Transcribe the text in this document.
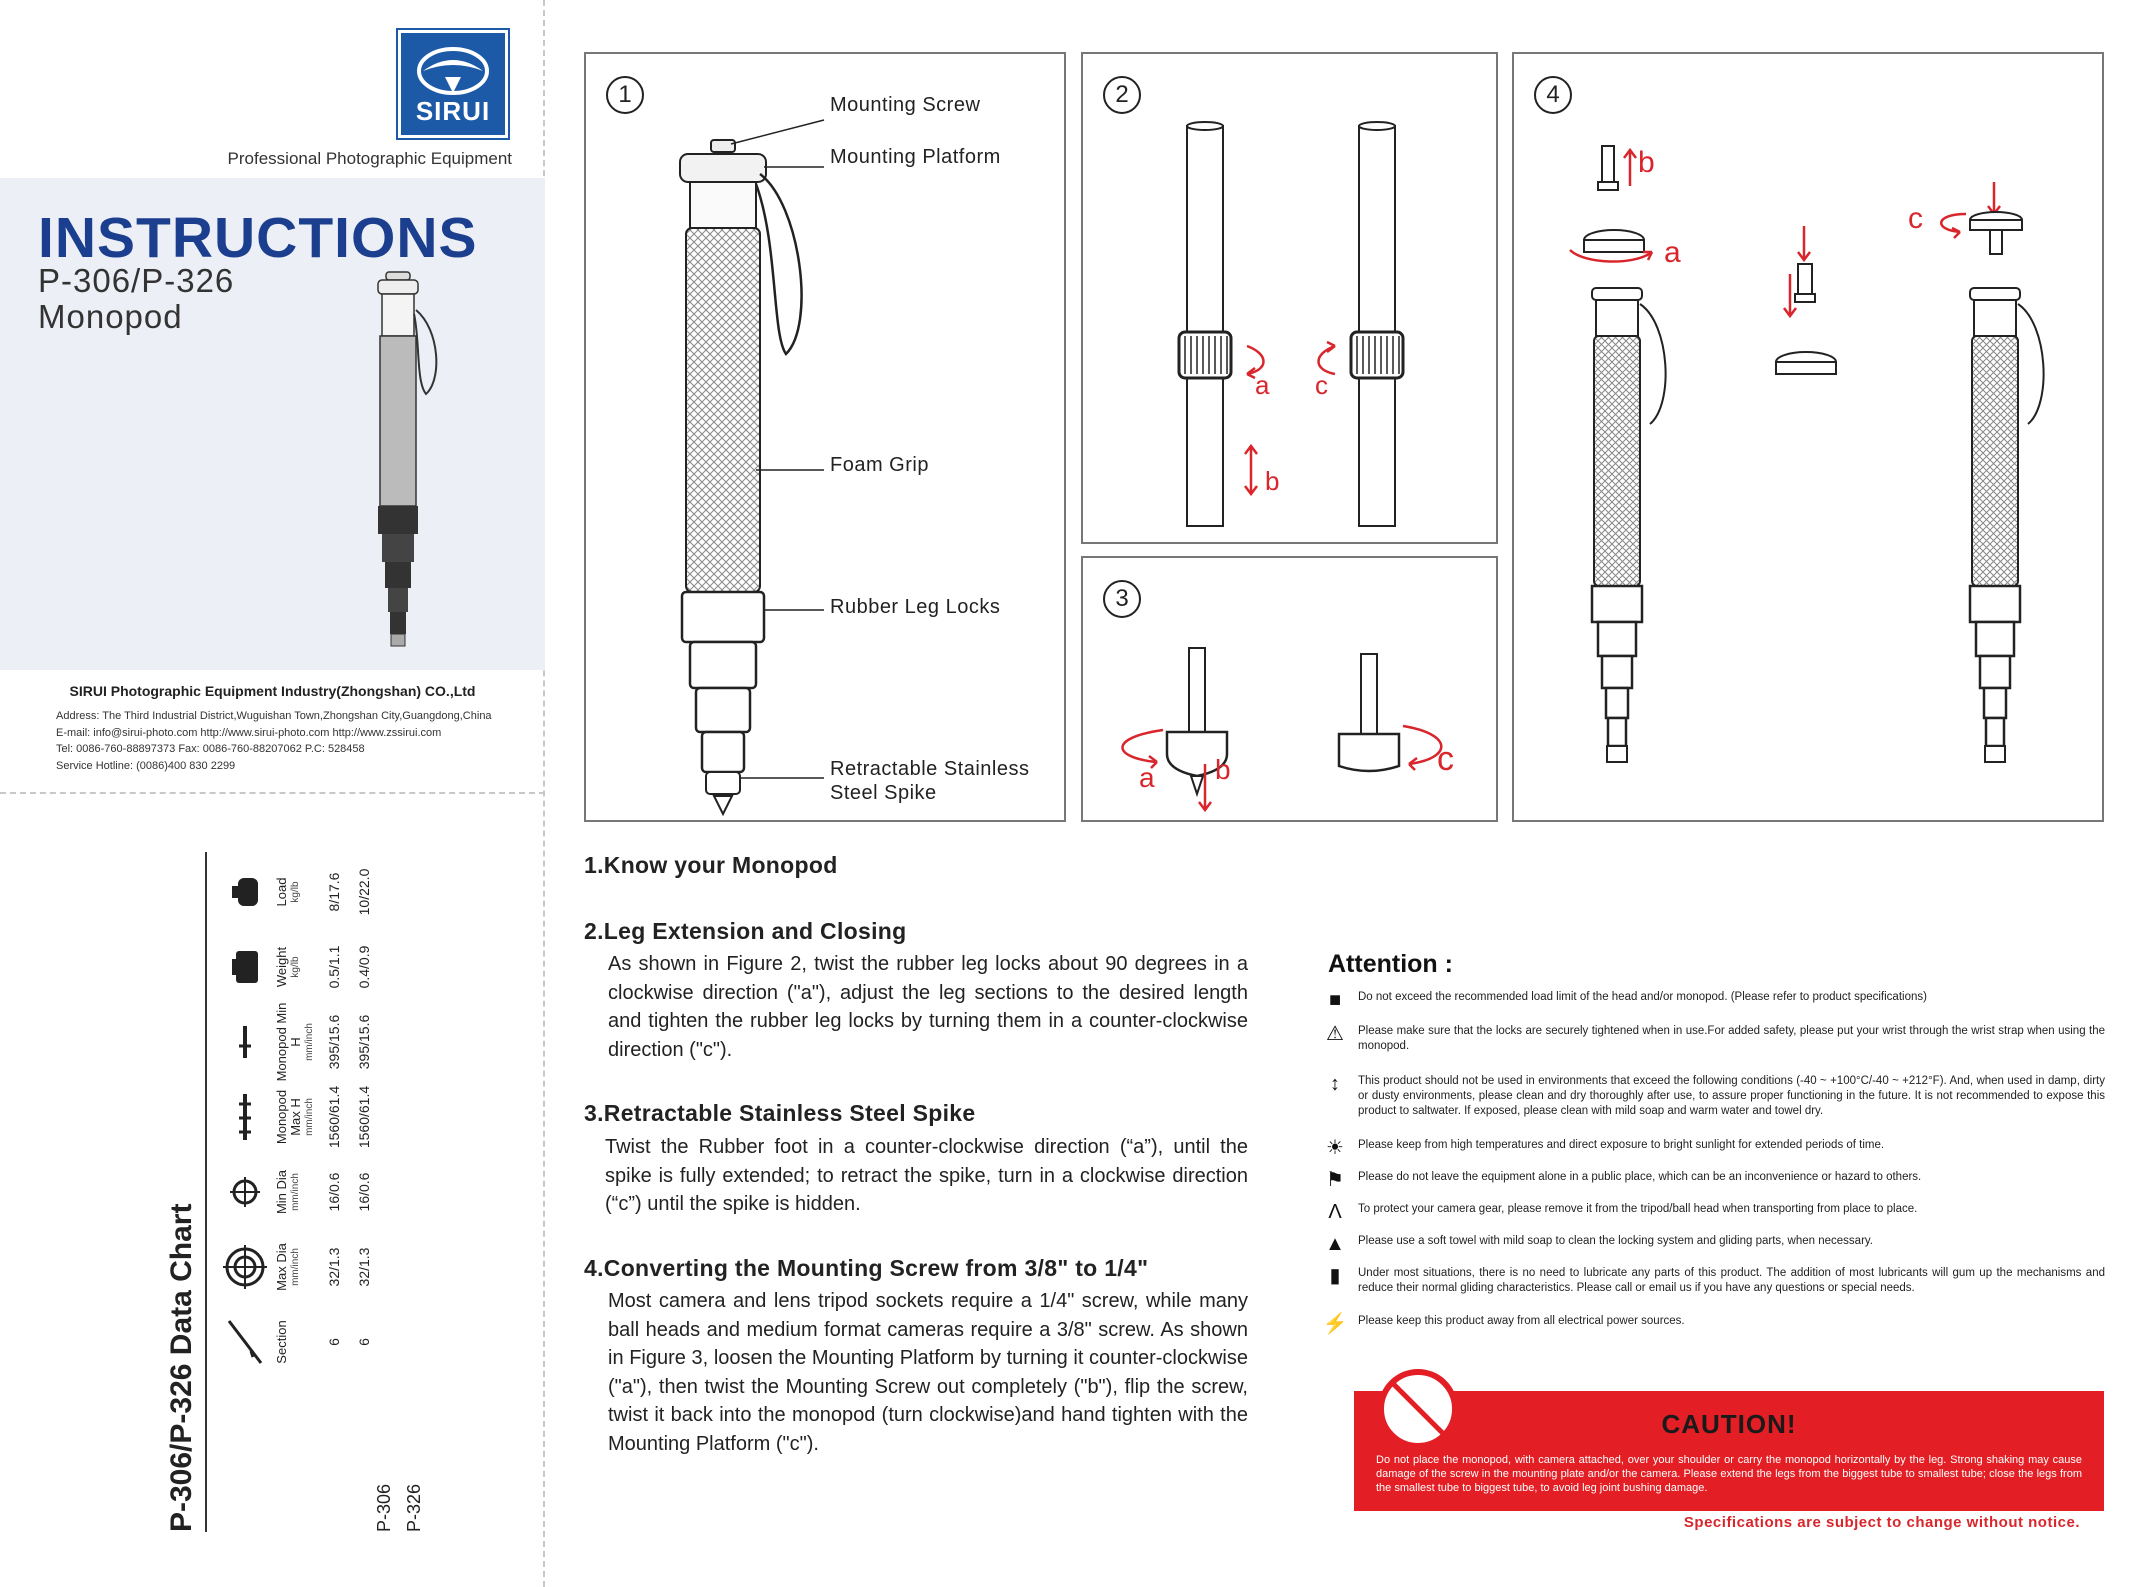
SIRUI
Professional Photographic Equipment
INSTRUCTIONS
P-306/P-326
Monopod
SIRUI Photographic Equipment Industry(Zhongshan) CO.,Ltd
Address: The Third Industrial District,Wuguishan Town,Zhongshan City,Guangdong,China
E-mail: info@sirui-photo.com http://www.sirui-photo.com http://www.zssirui.com
Tel: 0086-760-88897373 Fax: 0086-760-88207062 P.C: 528458
Service Hotline: (0086)400 830 2299
P-306/P-326 Data Chart	Section	6	6
Max Dia mm/inch	32/1.3	32/1.3
Min Dia mm/inch	16/0.6	16/0.6
Monopod Max H mm/inch 1560/61.4	1560/61.4
Monopod Min H mm/inch 395/15.6	395/15.6
Weight kg/lb	0.5/1.1	0.4/0.9
Load kg/lb	8/17.6	10/22.0
P-306 P-326
1	Mounting Screw
Mounting Platform
Foam Grip
Rubber Leg Locks
Retractable Stainless
Steel Spike
2
a c
b
3
a b	c
4
b
a
c
1.Know your Monopod
2.Leg Extension and Closing
As shown in Figure 2, twist the rubber leg locks about 90 degrees in a clockwise direction ("a"), adjust the leg sections to the desired length and tighten the rubber leg locks by turning them in a counter-clockwise direction ("c").
3.Retractable Stainless Steel Spike
Twist the Rubber foot in a counter-clockwise direction (“a”), until the spike is fully extended; to retract the spike, turn in a clockwise direction (“c”) until the spike is hidden.
4.Converting the Mounting Screw from 3/8" to 1/4"
Most camera and lens tripod sockets require a 1/4" screw, while many ball heads and medium format cameras require a 3/8" screw. As shown in Figure 3, loosen the Mounting Platform by turning it counter-clockwise ("a"), then twist the Mounting Screw out completely ("b"), flip the screw, twist it back into the monopod (turn clockwise)and hand tighten with the Mounting Platform ("c").
Attention :
■	Do not exceed the recommended load limit of the head and/or monopod. (Please refer to product specifications)
⚠	Please make sure that the locks are securely tightened when in use.For added safety, please put your wrist through the wrist strap when using the monopod.
↕	This product should not be used in environments that exceed the following conditions (-40 ~ +100°C/-40 ~ +212°F). And, when used in damp, dirty or dusty environments, please clean and dry thoroughly after use, to assure proper functioning in the future. It is not recommended to expose this product to saltwater. If exposed, please clean with mild soap and warm water and towel dry.
☀	Please keep from high temperatures and direct exposure to bright sunlight for extended periods of time.
⚑	Please do not leave the equipment alone in a public place, which can be an inconvenience or hazard to others.
Λ	To protect your camera gear, please remove it from the tripod/ball head when transporting from place to place.
▲	Please use a soft towel with mild soap to clean the locking system and gliding parts, when necessary.
▮	Under most situations, there is no need to lubricate any parts of this product. The addition of most lubricants will gum up the mechanisms and reduce their normal gliding characteristics. Please call or email us if you have any questions or special needs.
⚡ Please keep this product away from all electrical power sources.
CAUTION!
Do not place the monopod, with camera attached, over your shoulder or carry the monopod horizontally by the leg. Strong shaking may cause damage of the screw in the mounting plate and/or the camera. Please extend the legs from the biggest tube to smallest tube; close the legs from the smallest tube to biggest tube, to avoid leg joint bushing damage.
Specifications are subject to change without notice.
